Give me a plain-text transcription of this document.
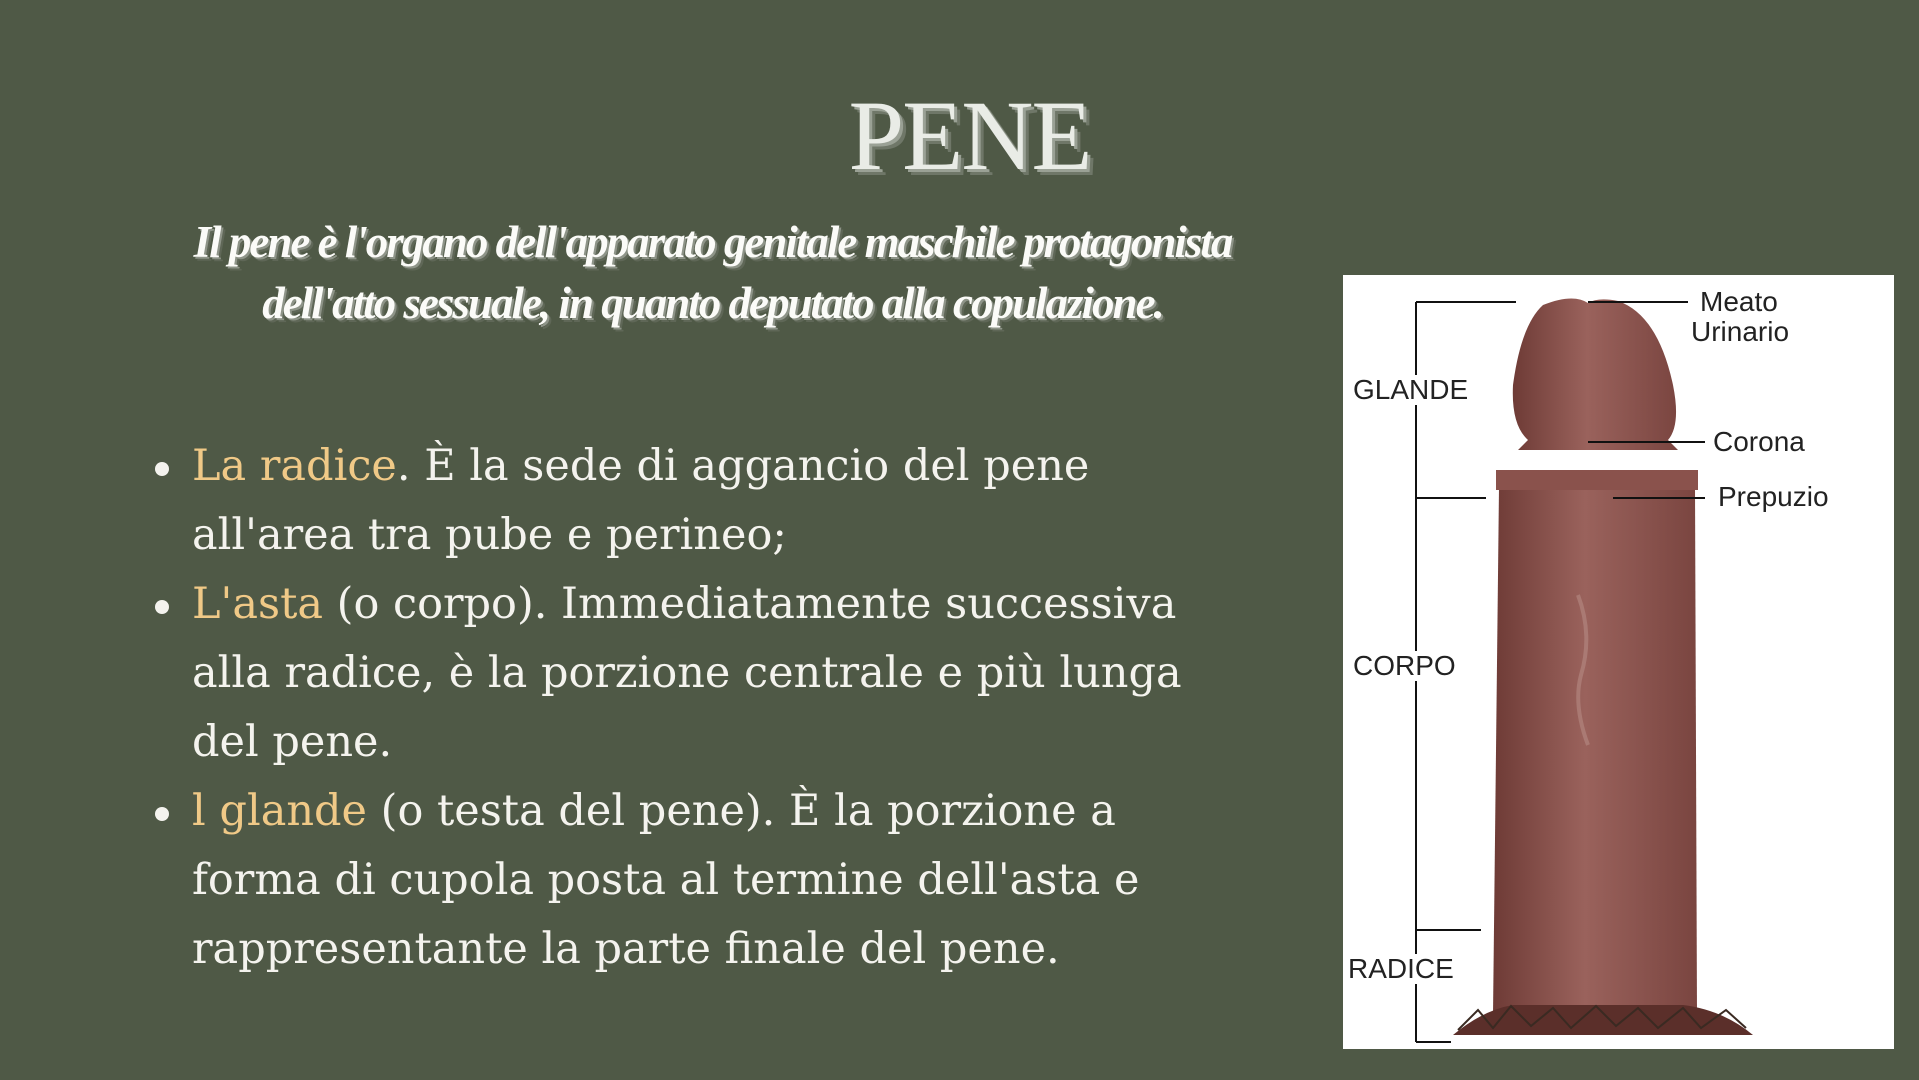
PENE
Il pene è l'organo dell'apparato genitale maschile protagonista dell'atto sessuale, in quanto deputato alla copulazione.
La radice. È la sede di aggancio del pene all'area tra pube e perineo;
L'asta (o corpo). Immediatamente successiva alla radice, è la porzione centrale e più lunga del pene.
l glande (o testa del pene). È la porzione a forma di cupola posta al termine dell'asta e rappresentante la parte finale del pene.
GLANDE
CORPO
RADICE
Meato
Urinario
Corona
Prepuzio
